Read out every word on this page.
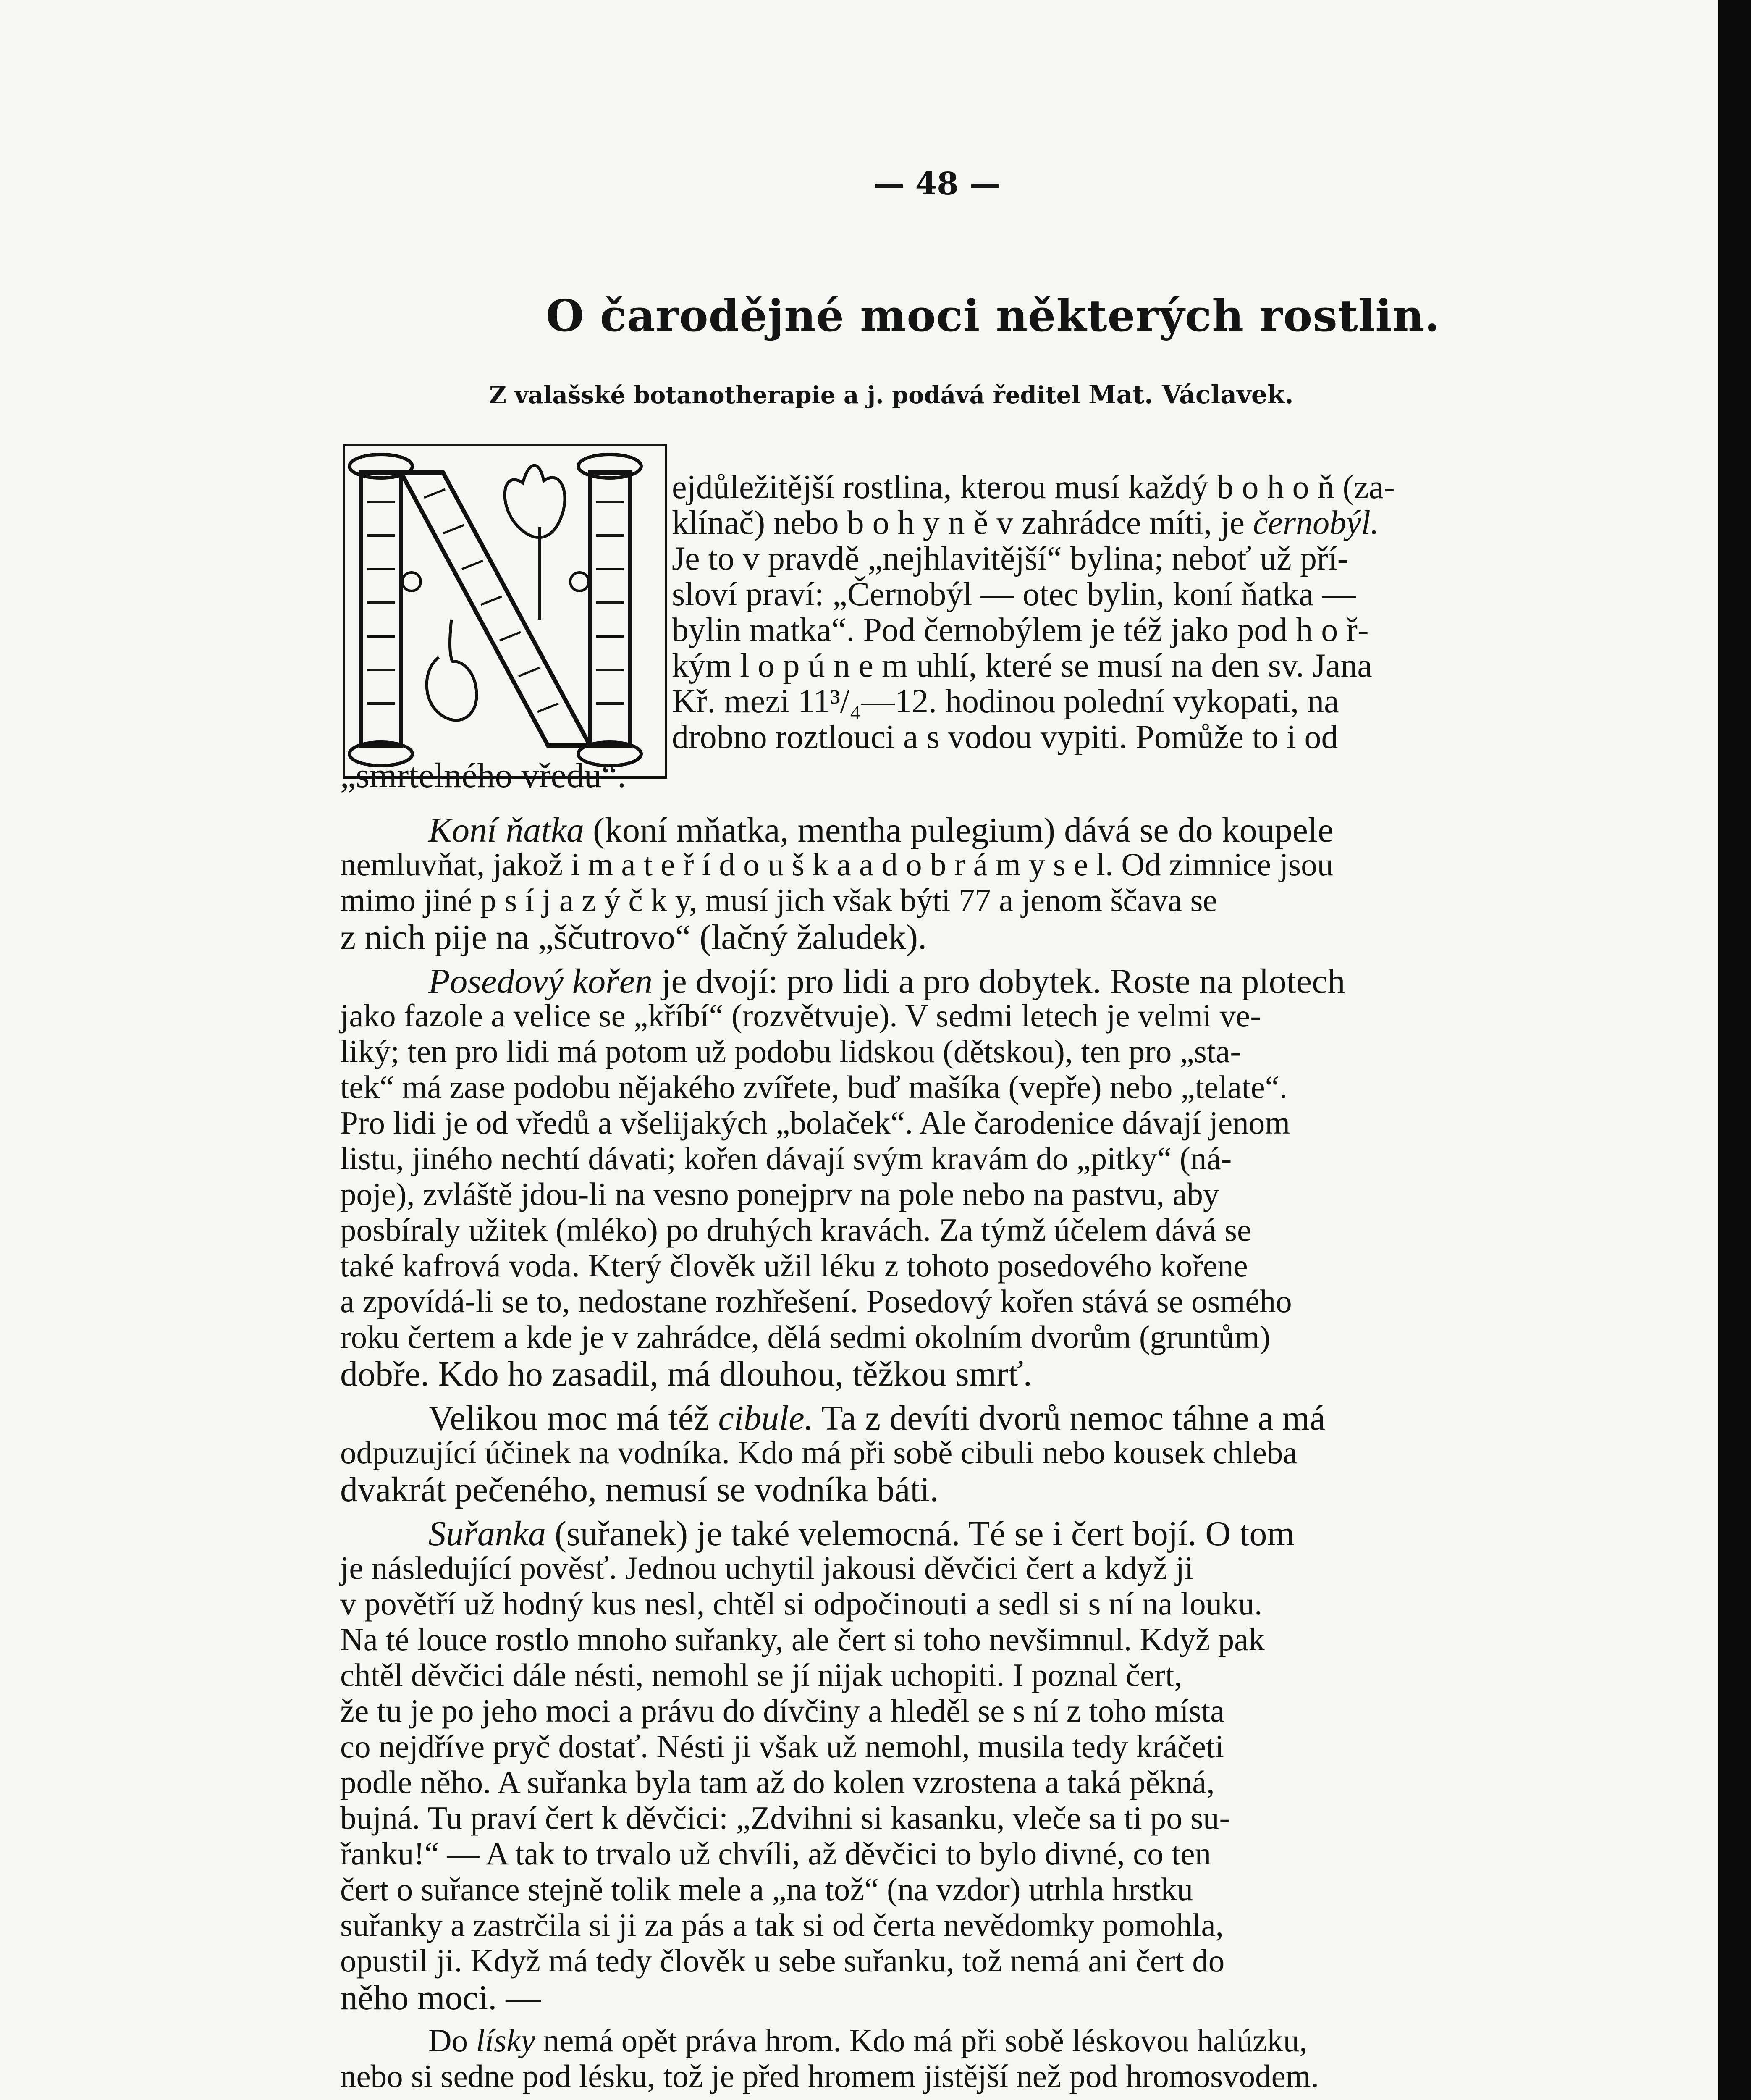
— 48 —
O čarodějné moci některých rostlin.
Z valašské botanotherapie a j. podává ředitel Mat. Václavek.
ejdůležitější rostlina, kterou musí každý b o h o ň (za-
klínač) nebo b o h y n ě v zahrádce míti, je černobýl.
Je to v pravdě „nejhlavitější“ bylina; neboť už pří-
sloví praví: „Černobýl — otec bylin, koní ňatka —
bylin matka“. Pod černobýlem je též jako pod h o ř-
kým l o p ú n e m uhlí, které se musí na den sv. Jana
Kř. mezi 11³/₄—12. hodinou polední vykopati, na
drobno roztlouci a s vodou vypiti. Pomůže to i od
„smrtelného vředu“.
Koní ňatka (koní mňatka, mentha pulegium) dává se do koupele
nemluvňat, jakož i m a t e ř í d o u š k a a d o b r á m y s e l. Od zimnice jsou
mimo jiné p s í j a z ý č k y, musí jich však býti 77 a jenom ščava se
z nich pije na „ščutrovo“ (lačný žaludek).
Posedový kořen je dvojí: pro lidi a pro dobytek. Roste na plotech
jako fazole a velice se „kříbí“ (rozvětvuje). V sedmi letech je velmi ve-
liký; ten pro lidi má potom už podobu lidskou (dětskou), ten pro „sta-
tek“ má zase podobu nějakého zvířete, buď mašíka (vepře) nebo „telate“.
Pro lidi je od vředů a všelijakých „bolaček“. Ale čarodenice dávají jenom
listu, jiného nechtí dávati; kořen dávají svým kravám do „pitky“ (ná-
poje), zvláště jdou-li na vesno ponejprv na pole nebo na pastvu, aby
posbíraly užitek (mléko) po druhých kravách. Za týmž účelem dává se
také kafrová voda. Který člověk užil léku z tohoto posedového kořene
a zpovídá-li se to, nedostane rozhřešení. Posedový kořen stává se osmého
roku čertem a kde je v zahrádce, dělá sedmi okolním dvorům (gruntům)
dobře. Kdo ho zasadil, má dlouhou, těžkou smrť.
Velikou moc má též cibule. Ta z devíti dvorů nemoc táhne a má
odpuzující účinek na vodníka. Kdo má při sobě cibuli nebo kousek chleba
dvakrát pečeného, nemusí se vodníka báti.
Suřanka (suřanek) je také velemocná. Té se i čert bojí. O tom
je následující pověsť. Jednou uchytil jakousi děvčici čert a když ji
v povětří už hodný kus nesl, chtěl si odpočinouti a sedl si s ní na louku.
Na té louce rostlo mnoho suřanky, ale čert si toho nevšimnul. Když pak
chtěl děvčici dále nésti, nemohl se jí nijak uchopiti. I poznal čert,
že tu je po jeho moci a právu do dívčiny a hleděl se s ní z toho místa
co nejdříve pryč dostať. Nésti ji však už nemohl, musila tedy kráčeti
podle něho. A suřanka byla tam až do kolen vzrostena a taká pěkná,
bujná. Tu praví čert k děvčici: „Zdvihni si kasanku, vleče sa ti po su-
řanku!“ — A tak to trvalo už chvíli, až děvčici to bylo divné, co ten
čert o suřance stejně tolik mele a „na tož“ (na vzdor) utrhla hrstku
suřanky a zastrčila si ji za pás a tak si od čerta nevědomky pomohla,
opustil ji. Když má tedy člověk u sebe suřanku, tož nemá ani čert do
něho moci. —
Do lísky nemá opět práva hrom. Kdo má při sobě léskovou halúzku,
nebo si sedne pod lésku, tož je před hromem jistější než pod hromosvodem.
